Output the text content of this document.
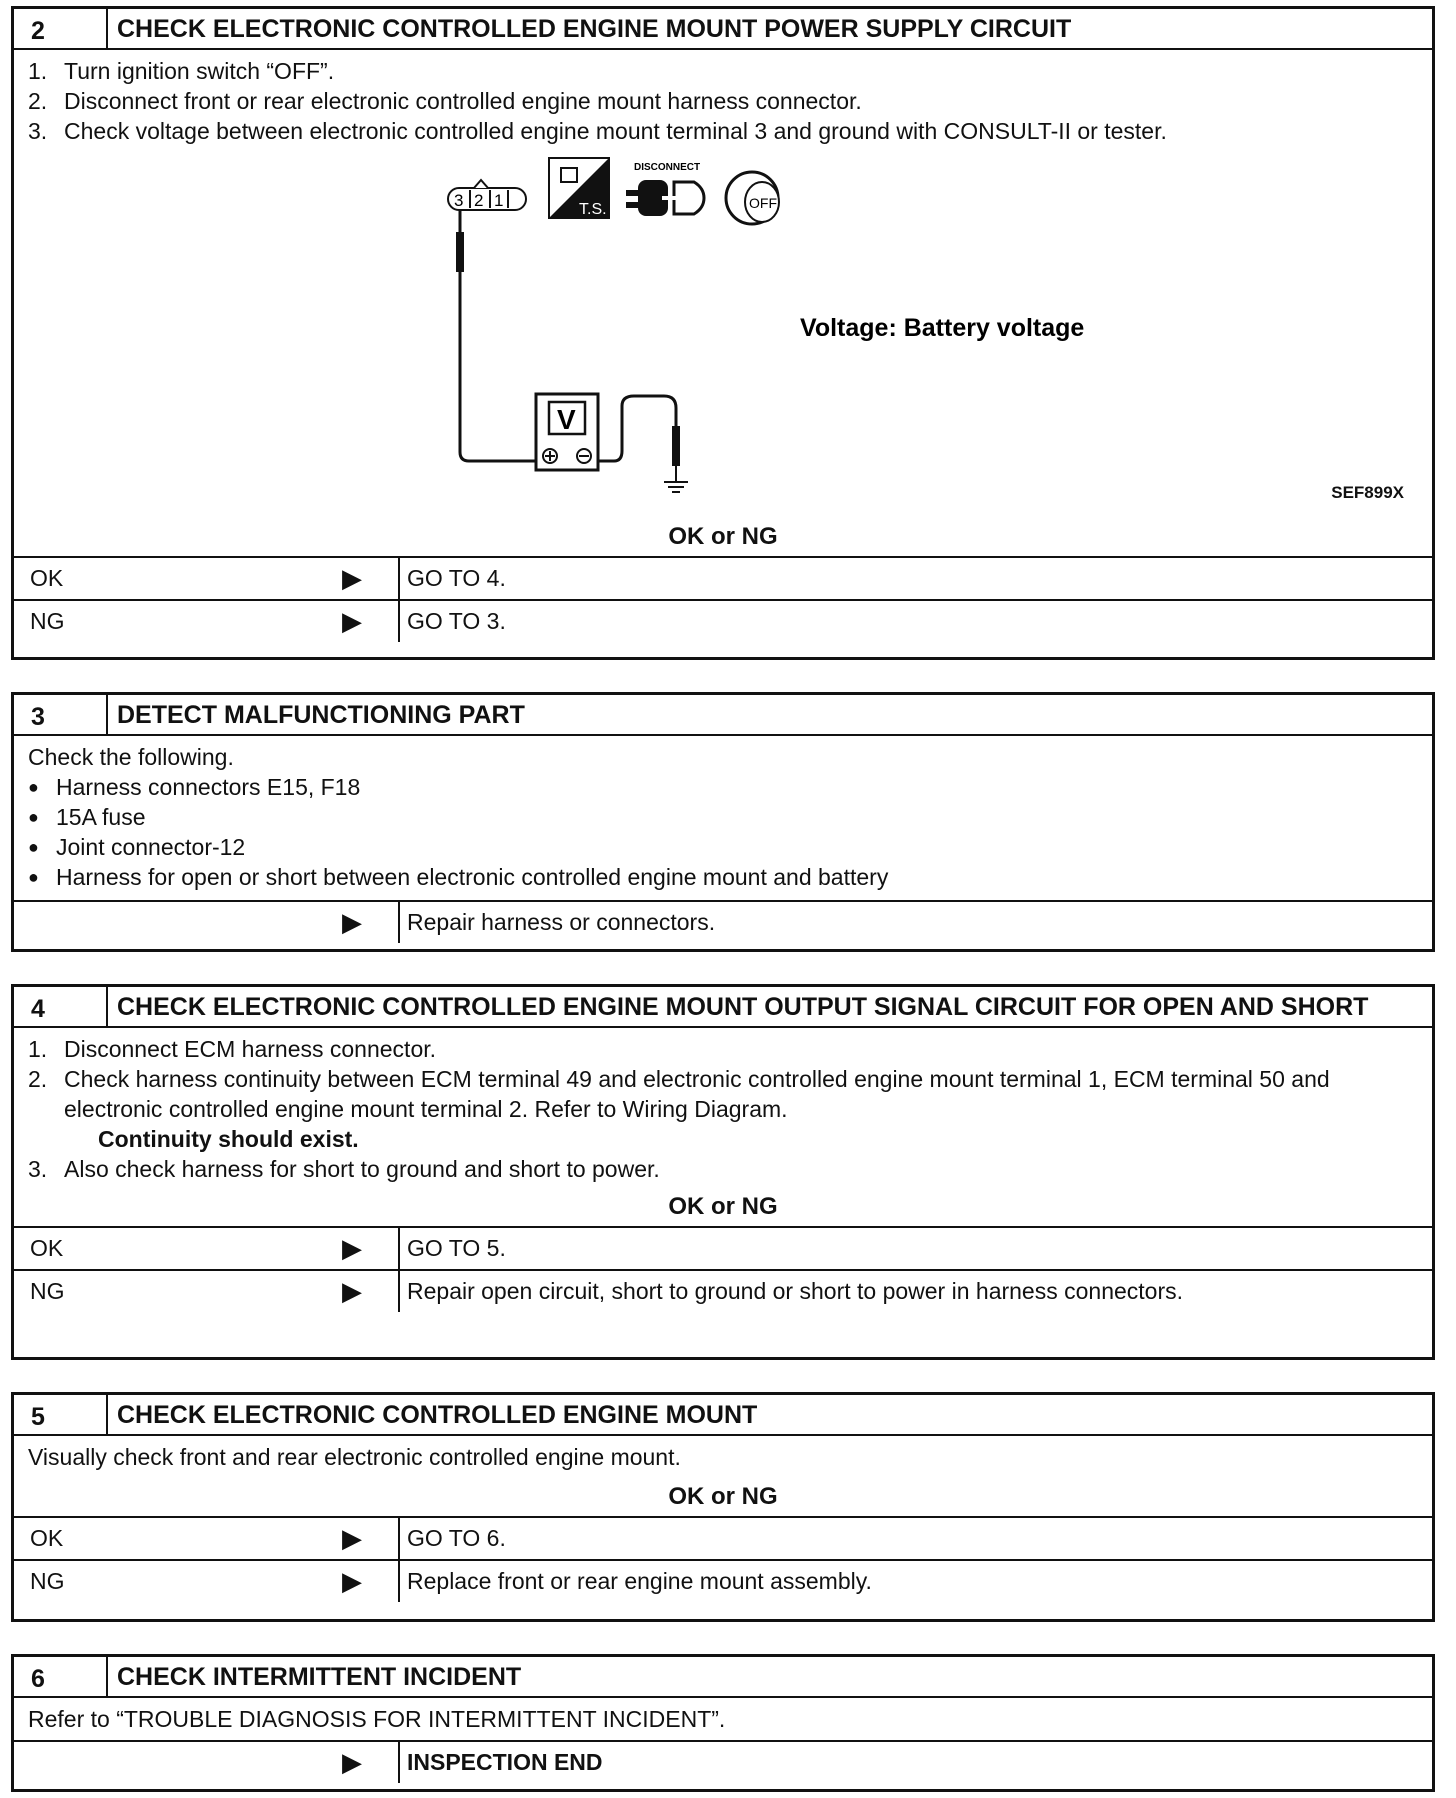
2	CHECK ELECTRONIC CONTROLLED ENGINE MOUNT POWER SUPPLY CIRCUIT
1. Turn ignition switch “OFF”.
2. Disconnect front or rear electronic controlled engine mount harness connector.
3. Check voltage between electronic controlled engine mount terminal 3 and ground with CONSULT-II or tester.
3 2 1
V
T.S.
DISCONNECT
OFF
Voltage: Battery voltage
SEF899X
OK or NG
OK	▶	GO TO 4.
NG	▶	GO TO 3.
3	DETECT MALFUNCTIONING PART
Check the following.
● Harness connectors E15, F18
● 15A fuse
● Joint connector-12
● Harness for open or short between electronic controlled engine mount and battery
▶	Repair harness or connectors.
4	CHECK ELECTRONIC CONTROLLED ENGINE MOUNT OUTPUT SIGNAL CIRCUIT FOR OPEN AND SHORT
1. Disconnect ECM harness connector.
2. Check harness continuity between ECM terminal 49 and electronic controlled engine mount terminal 1, ECM terminal 50 and electronic controlled engine mount terminal 2. Refer to Wiring Diagram.
Continuity should exist.
3. Also check harness for short to ground and short to power.
OK or NG
OK	▶	GO TO 5.
NG	▶	Repair open circuit, short to ground or short to power in harness connectors.
5	CHECK ELECTRONIC CONTROLLED ENGINE MOUNT
Visually check front and rear electronic controlled engine mount.
OK or NG
OK	▶	GO TO 6.
NG	▶	Replace front or rear engine mount assembly.
6	CHECK INTERMITTENT INCIDENT
Refer to “TROUBLE DIAGNOSIS FOR INTERMITTENT INCIDENT”.
▶	INSPECTION END
